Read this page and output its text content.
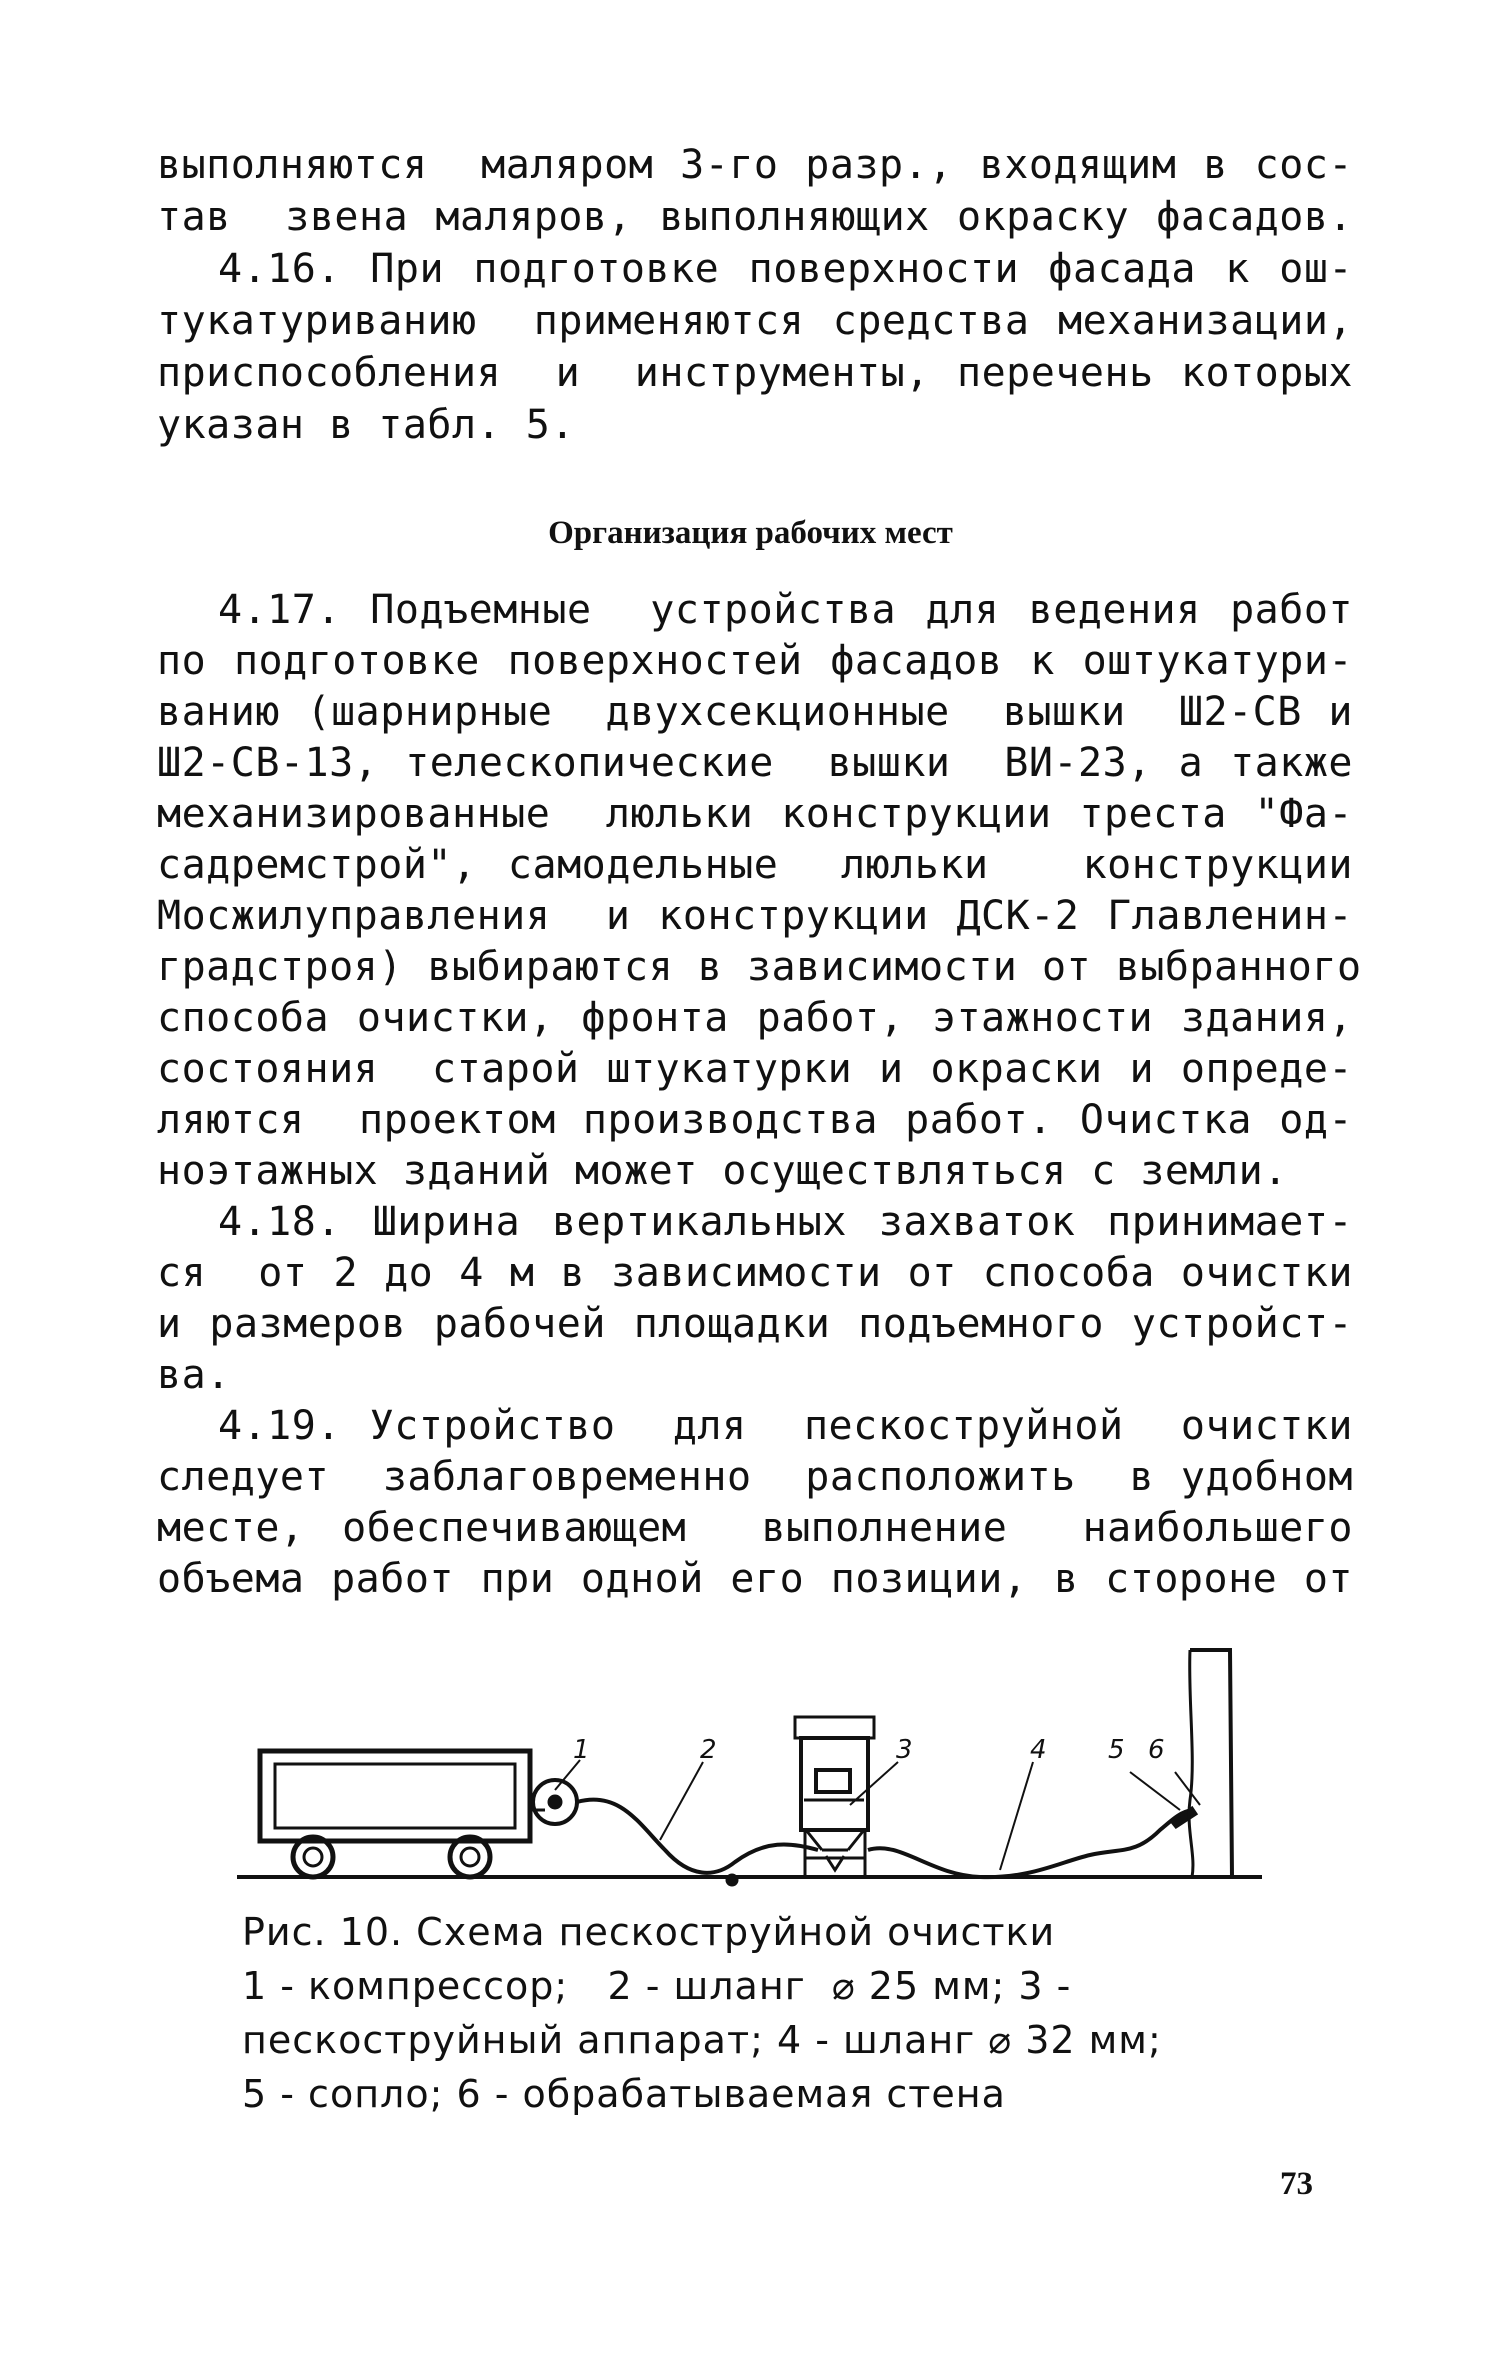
выполняются  маляром 3-го разр., входящим в сос-
тав  звена маляров, выполняющих окраску фасадов.
4.16. При подготовке поверхности фасада к ош-
тукатуриванию  применяются средства механизации,
приспособления  и  инструменты, перечень которых
указан в табл. 5.
Организация рабочих мест
4.17. Подъемные  устройства для ведения работ
по подготовке поверхностей фасадов к оштукатури-
ванию (шарнирные  двухсекционные  вышки  Ш2-СВ и
Ш2-СВ-13, телескопические  вышки  ВИ-23, а также
механизированные  люльки конструкции треста "Фа-
садремстрой", самодельные  люльки   конструкции
Мосжилуправления  и конструкции ДСК-2 Главленин-
градстроя) выбираются в зависимости от выбранного
способа очистки, фронта работ, этажности здания,
состояния  старой штукатурки и окраски и опреде-
ляются  проектом производства работ. Очистка од-
ноэтажных зданий может осуществляться с земли.
4.18. Ширина вертикальных захваток принимает-
ся  от 2 до 4 м в зависимости от способа очистки
и размеров рабочей площадки подъемного устройст-
ва.
4.19. Устройство  для  пескоструйной  очистки
следует  заблаговременно  расположить  в удобном
месте, обеспечивающем  выполнение  наибольшего
объема работ при одной его позиции, в стороне от
1	2	3	4 5 6
Рис. 10. Схема пескоструйной очистки
1 - компрессор;   2 - шланг  ⌀ 25 мм; 3 -
пескоструйный аппарат; 4 - шланг ⌀ 32 мм;
5 - сопло; 6 - обрабатываемая стена
73
